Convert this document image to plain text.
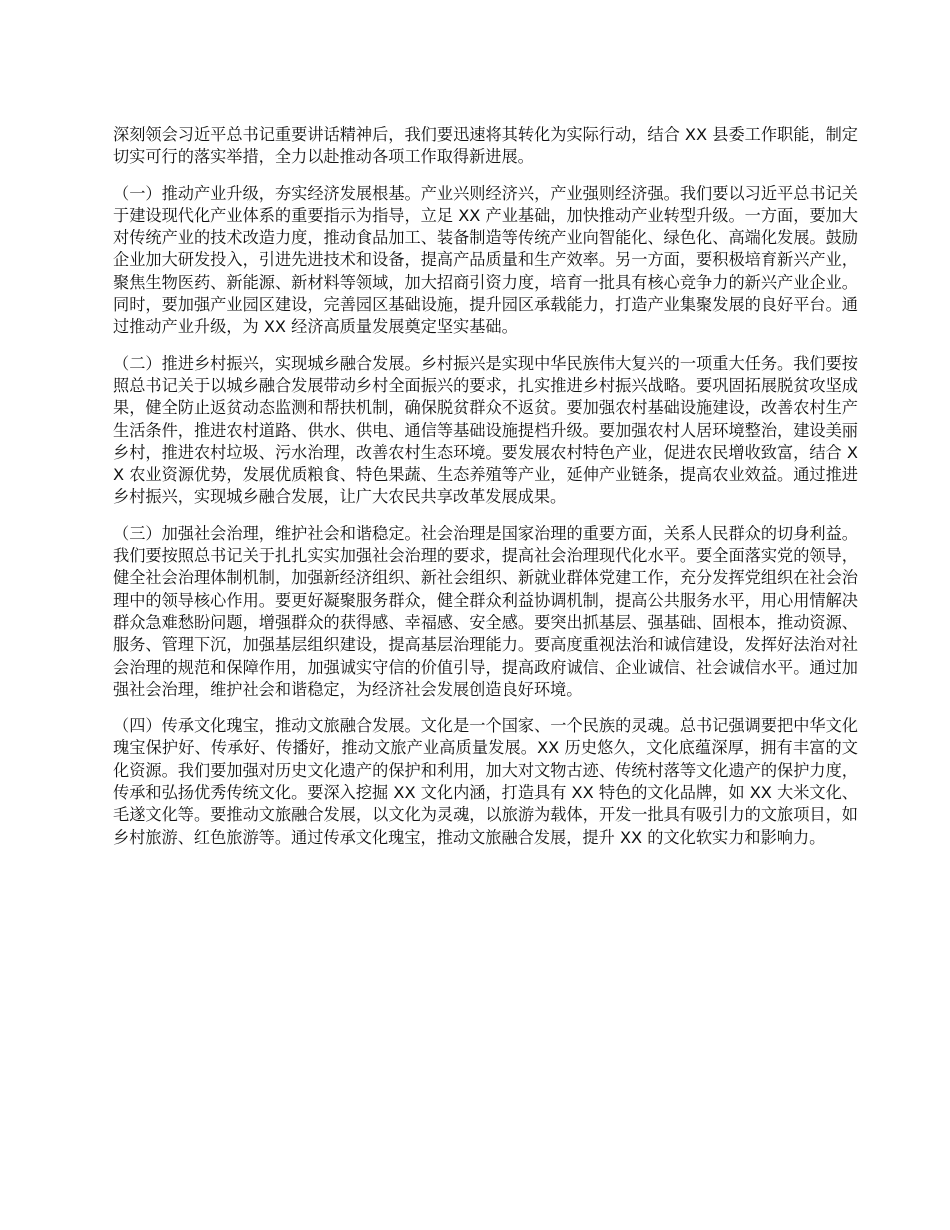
深刻领会习近平总书记重要讲话精神后，我们要迅速将其转化为实际行动，结合 XX 县委工作职能，制定切实可行的落实举措，全力以赴推动各项工作取得新进展。

（一）推动产业升级，夯实经济发展根基。产业兴则经济兴，产业强则经济强。我们要以习近平总书记关于建设现代化产业体系的重要指示为指导，立足 XX 产业基础，加快推动产业转型升级。一方面，要加大对传统产业的技术改造力度，推动食品加工、装备制造等传统产业向智能化、绿色化、高端化发展。鼓励企业加大研发投入，引进先进技术和设备，提高产品质量和生产效率。另一方面，要积极培育新兴产业，聚焦生物医药、新能源、新材料等领域，加大招商引资力度，培育一批具有核心竞争力的新兴产业企业。同时，要加强产业园区建设，完善园区基础设施，提升园区承载能力，打造产业集聚发展的良好平台。通过推动产业升级，为 XX 经济高质量发展奠定坚实基础。

（二）推进乡村振兴，实现城乡融合发展。乡村振兴是实现中华民族伟大复兴的一项重大任务。我们要按照总书记关于以城乡融合发展带动乡村全面振兴的要求，扎实推进乡村振兴战略。要巩固拓展脱贫攻坚成果，健全防止返贫动态监测和帮扶机制，确保脱贫群众不返贫。要加强农村基础设施建设，改善农村生产生活条件，推进农村道路、供水、供电、通信等基础设施提档升级。要加强农村人居环境整治，建设美丽乡村，推进农村垃圾、污水治理，改善农村生态环境。要发展农村特色产业，促进农民增收致富，结合 XX 农业资源优势，发展优质粮食、特色果蔬、生态养殖等产业，延伸产业链条，提高农业效益。通过推进乡村振兴，实现城乡融合发展，让广大农民共享改革发展成果。

（三）加强社会治理，维护社会和谐稳定。社会治理是国家治理的重要方面，关系人民群众的切身利益。我们要按照总书记关于扎扎实实加强社会治理的要求，提高社会治理现代化水平。要全面落实党的领导，健全社会治理体制机制，加强新经济组织、新社会组织、新就业群体党建工作，充分发挥党组织在社会治理中的领导核心作用。要更好凝聚服务群众，健全群众利益协调机制，提高公共服务水平，用心用情解决群众急难愁盼问题，增强群众的获得感、幸福感、安全感。要突出抓基层、强基础、固根本，推动资源、服务、管理下沉，加强基层组织建设，提高基层治理能力。要高度重视法治和诚信建设，发挥好法治对社会治理的规范和保障作用，加强诚实守信的价值引导，提高政府诚信、企业诚信、社会诚信水平。通过加强社会治理，维护社会和谐稳定，为经济社会发展创造良好环境。

（四）传承文化瑰宝，推动文旅融合发展。文化是一个国家、一个民族的灵魂。总书记强调要把中华文化瑰宝保护好、传承好、传播好，推动文旅产业高质量发展。XX 历史悠久，文化底蕴深厚，拥有丰富的文化资源。我们要加强对历史文化遗产的保护和利用，加大对文物古迹、传统村落等文化遗产的保护力度，传承和弘扬优秀传统文化。要深入挖掘 XX 文化内涵，打造具有 XX 特色的文化品牌，如 XX 大米文化、毛遂文化等。要推动文旅融合发展，以文化为灵魂，以旅游为载体，开发一批具有吸引力的文旅项目，如乡村旅游、红色旅游等。通过传承文化瑰宝，推动文旅融合发展，提升 XX 的文化软实力和影响力。
